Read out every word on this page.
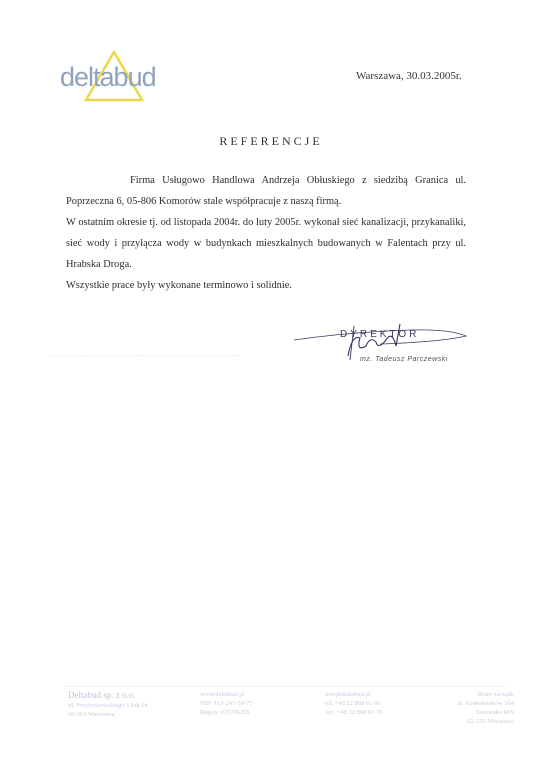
deltabud	Warszawa, 30.03.2005r.
REFERENCJE

Firma Usługowo Handlowa Andrzeja Obłuskiego z siedzibą Granica ul.

Poprzeczna 6, 05-806 Komorów stale współpracuje z naszą firmą.

W ostatnim okresie tj. od listopada 2004r. do luty 2005r. wykonał sieć kanalizacji, przykanaliki,

sieć wody i przyłącza wody w budynkach mieszkalnych budowanych w Falentach przy ul.

Hrabska Droga.

Wszystkie prace były wykonane terminowo i solidnie.

DYREKTOR
mz. Tadeusz Parczewski
Deltabud sp. z o.o.
ul. Przybyszewskiego 1 lok.14
00-963 Warszawa
www.deltabud.pl
NIP: 113-247-59-77
Regon: 015706205
info@deltabud.pl
tel. +48 22 868 61 60
fax. +48 22 868 61 70
Biuro zarządu
ul. Krakowiaków 104
Tanowsko MN
02-255 Warszawa
